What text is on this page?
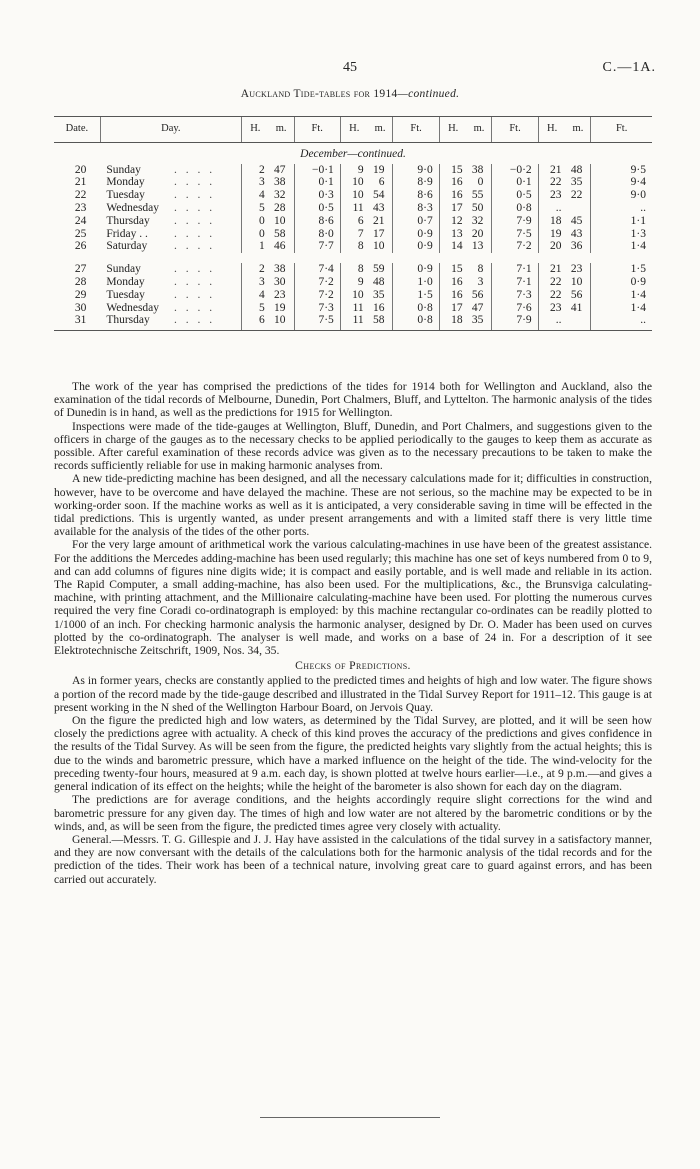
45	C.—1A.
Auckland Tide-tables for 1914—continued.
Date.	Day.		H.	m.	Ft.	H.	m.	Ft.	H.	m.	Ft.	H.	m.	Ft.
December—continued.														
20	Sunday	. . . .	2	47	−0·1	9	19	9·0	15	38	−0·2	21	48	9·5
21	Monday	. . . .	3	38	0·1	10	6	8·9	16	0	0·1	22	35	9·4
22	Tuesday	. . . .	4	32	0·3	10	54	8·6	16	55	0·5	23	22	9·0
23	Wednesday	. . . .	5	28	0·5	11	43	8·3	17	50	0·8	..		..
24	Thursday	. . . .	0	10	8·6	6	21	0·7	12	32	7·9	18	45	1·1
25	Friday . .	. . . .	0	58	8·0	7	17	0·9	13	20	7·5	19	43	1·3
26	Saturday	. . . .	1	46	7·7	8	10	0·9	14	13	7·2	20	36	1·4

27	Sunday	. . . .	2	38	7·4	8	59	0·9	15	8	7·1	21	23	1·5
28	Monday	. . . .	3	30	7·2	9	48	1·0	16	3	7·1	22	10	0·9
29	Tuesday	. . . .	4	23	7·2	10	35	1·5	16	56	7·3	22	56	1·4
30	Wednesday	. . . .	5	19	7·3	11	16	0·8	17	47	7·6	23	41	1·4
31	Thursday	. . . .	6	10	7·5	11	58	0·8	18	35	7·9	..		..

The work of the year has comprised the predictions of the tides for 1914 both for Wellington and Auckland, also the examination of the tidal records of Melbourne, Dunedin, Port Chalmers, Bluff, and Lyttelton. The harmonic analysis of the tides of Dunedin is in hand, as well as the predictions for 1915 for Wellington.

Inspections were made of the tide-gauges at Wellington, Bluff, Dunedin, and Port Chalmers, and suggestions given to the officers in charge of the gauges as to the necessary checks to be applied periodically to the gauges to keep them as accurate as possible. After careful examination of these records advice was given as to the necessary precautions to be taken to make the records sufficiently reliable for use in making harmonic analyses from.

A new tide-predicting machine has been designed, and all the necessary calculations made for it; difficulties in construction, however, have to be overcome and have delayed the machine. These are not serious, so the machine may be expected to be in working-order soon. If the machine works as well as it is anticipated, a very considerable saving in time will be effected in the tidal predictions. This is urgently wanted, as under present arrangements and with a limited staff there is very little time available for the analysis of the tides of the other ports.

For the very large amount of arithmetical work the various calculating-machines in use have been of the greatest assistance. For the additions the Mercedes adding-machine has been used regularly; this machine has one set of keys numbered from 0 to 9, and can add columns of figures nine digits wide; it is compact and easily portable, and is well made and reliable in its action. The Rapid Computer, a small adding-machine, has also been used. For the multiplications, &c., the Brunsviga calculating-machine, with printing attachment, and the Millionaire calculating-machine have been used. For plotting the numerous curves required the very fine Coradi co-ordinatograph is employed: by this machine rectangular co-ordinates can be readily plotted to 1/1000 of an inch. For checking harmonic analysis the harmonic analyser, designed by Dr. O. Mader has been used on curves plotted by the co-ordinatograph. The analyser is well made, and works on a base of 24 in. For a description of it see Elektrotechnische Zeitschrift, 1909, Nos. 34, 35.

Checks of Predictions.

As in former years, checks are constantly applied to the predicted times and heights of high and low water. The figure shows a portion of the record made by the tide-gauge described and illustrated in the Tidal Survey Report for 1911–12. This gauge is at present working in the N shed of the Wellington Harbour Board, on Jervois Quay.

On the figure the predicted high and low waters, as determined by the Tidal Survey, are plotted, and it will be seen how closely the predictions agree with actuality. A check of this kind proves the accuracy of the predictions and gives confidence in the results of the Tidal Survey. As will be seen from the figure, the predicted heights vary slightly from the actual heights; this is due to the winds and barometric pressure, which have a marked influence on the height of the tide. The wind-velocity for the preceding twenty-four hours, measured at 9 a.m. each day, is shown plotted at twelve hours earlier—i.e., at 9 p.m.—and gives a general indication of its effect on the heights; while the height of the barometer is also shown for each day on the diagram.

The predictions are for average conditions, and the heights accordingly require slight corrections for the wind and barometric pressure for any given day. The times of high and low water are not altered by the barometric conditions or by the winds, and, as will be seen from the figure, the predicted times agree very closely with actuality.

General.—Messrs. T. G. Gillespie and J. J. Hay have assisted in the calculations of the tidal survey in a satisfactory manner, and they are now conversant with the details of the calculations both for the harmonic analysis of the tidal records and for the prediction of the tides. Their work has been of a technical nature, involving great care to guard against errors, and has been carried out accurately.
